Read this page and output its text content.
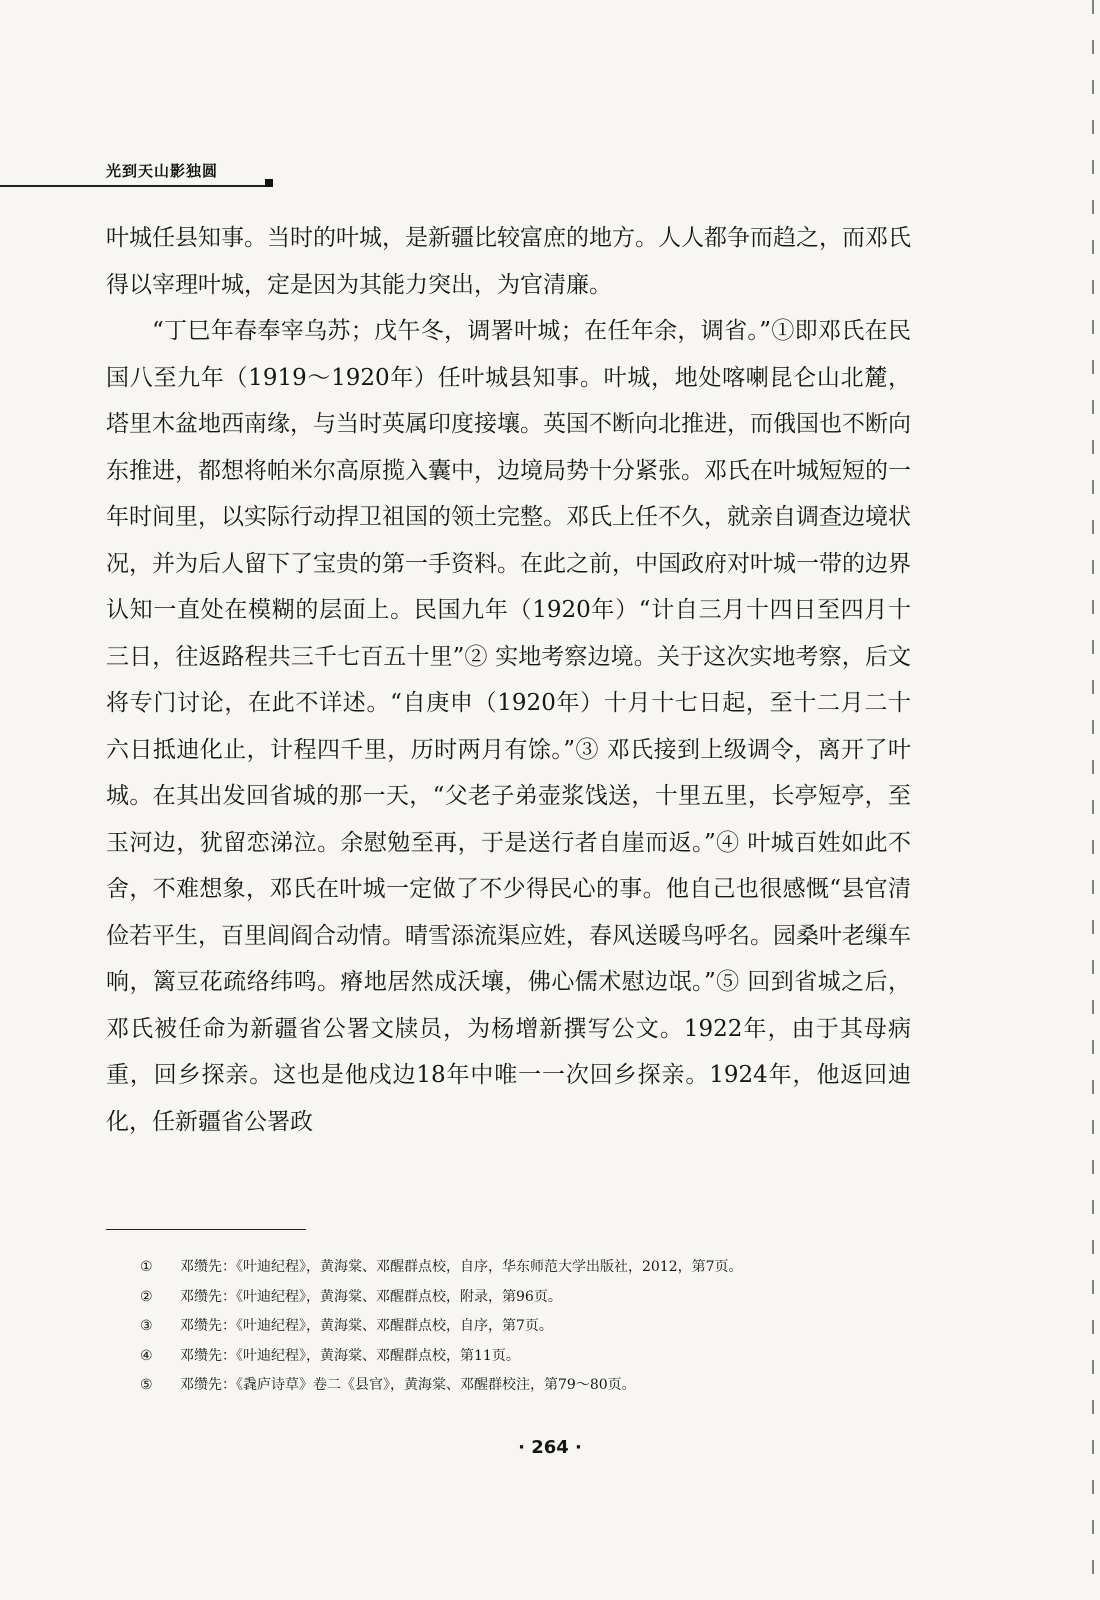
光到天山影独圆

叶城任县知事。当时的叶城，是新疆比较富庶的地方。人人都争而趋之，而邓氏得以宰理叶城，定是因为其能力突出，为官清廉。

“丁巳年春奉宰乌苏；戊午冬，调署叶城；在任年余，调省。”①即邓氏在民国八至九年（1919～1920年）任叶城县知事。叶城，地处喀喇昆仑山北麓，塔里木盆地西南缘，与当时英属印度接壤。英国不断向北推进，而俄国也不断向东推进，都想将帕米尔高原揽入囊中，边境局势十分紧张。邓氏在叶城短短的一年时间里，以实际行动捍卫祖国的领土完整。邓氏上任不久，就亲自调查边境状况，并为后人留下了宝贵的第一手资料。在此之前，中国政府对叶城一带的边界认知一直处在模糊的层面上。民国九年（1920年）“计自三月十四日至四月十三日，往返路程共三千七百五十里”② 实地考察边境。关于这次实地考察，后文将专门讨论，在此不详述。“自庚申（1920年）十月十七日起，至十二月二十六日抵迪化止，计程四千里，历时两月有馀。”③ 邓氏接到上级调令，离开了叶城。在其出发回省城的那一天，“父老子弟壶浆饯送，十里五里，长亭短亭，至玉河边，犹留恋涕泣。余慰勉至再，于是送行者自崖而返。”④ 叶城百姓如此不舍，不难想象，邓氏在叶城一定做了不少得民心的事。他自己也很感慨“县官清俭若平生，百里闾阎合动情。晴雪添流渠应姓，春风送暖鸟呼名。园桑叶老缫车响，篱豆花疏络纬鸣。瘠地居然成沃壤，佛心儒术慰边氓。”⑤ 回到省城之后，邓氏被任命为新疆省公署文牍员，为杨增新撰写公文。1922年，由于其母病重，回乡探亲。这也是他戍边18年中唯一一次回乡探亲。1924年，他返回迪化，任新疆省公署政

① 邓缵先：《叶迪纪程》，黄海棠、邓醒群点校，自序，华东师范大学出版社，2012，第7页。
② 邓缵先：《叶迪纪程》，黄海棠、邓醒群点校，附录，第96页。
③ 邓缵先：《叶迪纪程》，黄海棠、邓醒群点校，自序，第7页。
④ 邓缵先：《叶迪纪程》，黄海棠、邓醒群点校，第11页。
⑤ 邓缵先：《毳庐诗草》卷二《县官》，黄海棠、邓醒群校注，第79～80页。
· 264 ·
